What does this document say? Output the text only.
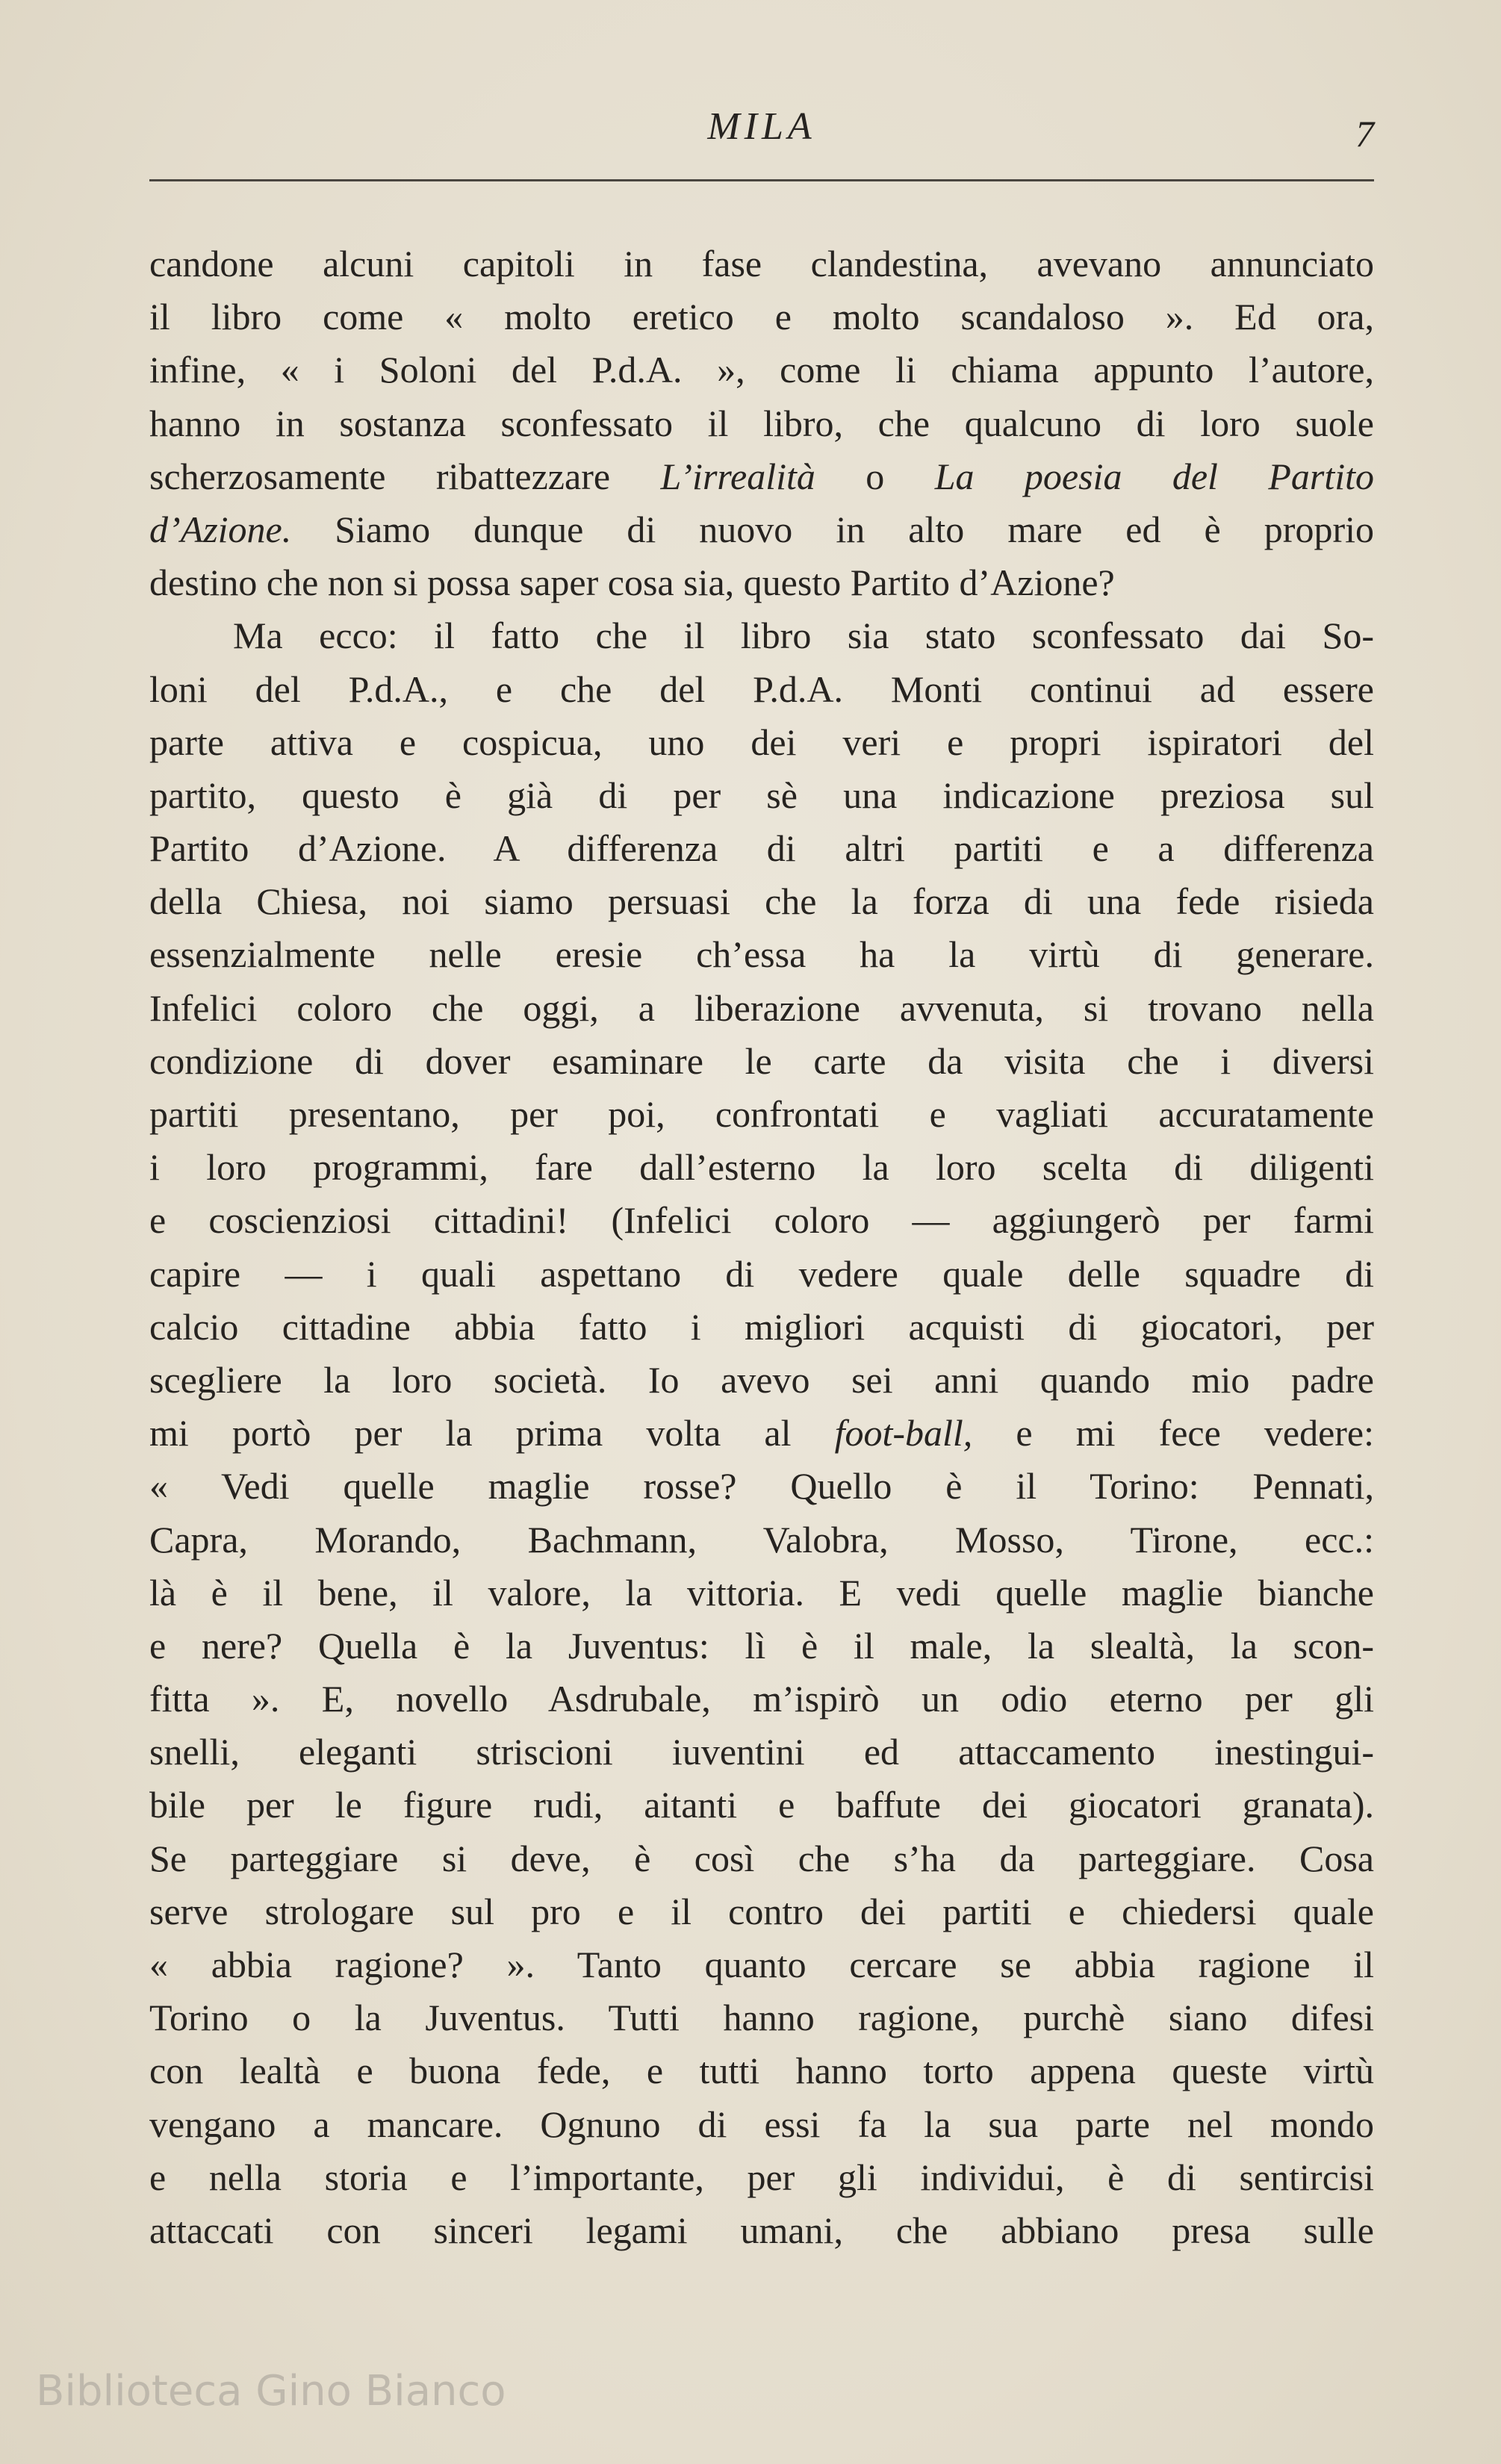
MILA	7
candone alcuni capitoli in fase clandestina, avevano annunciato
il libro come « molto eretico e molto scandaloso ». Ed ora,
infine, « i Soloni del P.d.A. », come li chiama appunto l’autore,
hanno in sostanza sconfessato il libro, che qualcuno di loro suole
scherzosamente ribattezzare L’irrealità o La poesia del Partito
d’Azione. Siamo dunque di nuovo in alto mare ed è proprio
destino che non si possa saper cosa sia, questo Partito d’Azione?
Ma ecco: il fatto che il libro sia stato sconfessato dai So-
loni del P.d.A., e che del P.d.A. Monti continui ad essere
parte attiva e cospicua, uno dei veri e propri ispiratori del
partito, questo è già di per sè una indicazione preziosa sul
Partito d’Azione. A differenza di altri partiti e a differenza
della Chiesa, noi siamo persuasi che la forza di una fede risieda
essenzialmente nelle eresie ch’essa ha la virtù di generare.
Infelici coloro che oggi, a liberazione avvenuta, si trovano nella
condizione di dover esaminare le carte da visita che i diversi
partiti presentano, per poi, confrontati e vagliati accuratamente
i loro programmi, fare dall’esterno la loro scelta di diligenti
e coscienziosi cittadini! (Infelici coloro — aggiungerò per farmi
capire — i quali aspettano di vedere quale delle squadre di
calcio cittadine abbia fatto i migliori acquisti di giocatori, per
scegliere la loro società. Io avevo sei anni quando mio padre
mi portò per la prima volta al foot-ball, e mi fece vedere:
« Vedi quelle maglie rosse? Quello è il Torino: Pennati,
Capra, Morando, Bachmann, Valobra, Mosso, Tirone, ecc.:
là è il bene, il valore, la vittoria. E vedi quelle maglie bianche
e nere? Quella è la Juventus: lì è il male, la slealtà, la scon-
fitta ». E, novello Asdrubale, m’ispirò un odio eterno per gli
snelli, eleganti striscioni iuventini ed attaccamento inestingui-
bile per le figure rudi, aitanti e baffute dei giocatori granata).
Se parteggiare si deve, è così che s’ha da parteggiare. Cosa
serve strologare sul pro e il contro dei partiti e chiedersi quale
« abbia ragione? ». Tanto quanto cercare se abbia ragione il
Torino o la Juventus. Tutti hanno ragione, purchè siano difesi
con lealtà e buona fede, e tutti hanno torto appena queste virtù
vengano a mancare. Ognuno di essi fa la sua parte nel mondo
e nella storia e l’importante, per gli individui, è di sentircisi
attaccati con sinceri legami umani, che abbiano presa sulle
Biblioteca Gino Bianco
